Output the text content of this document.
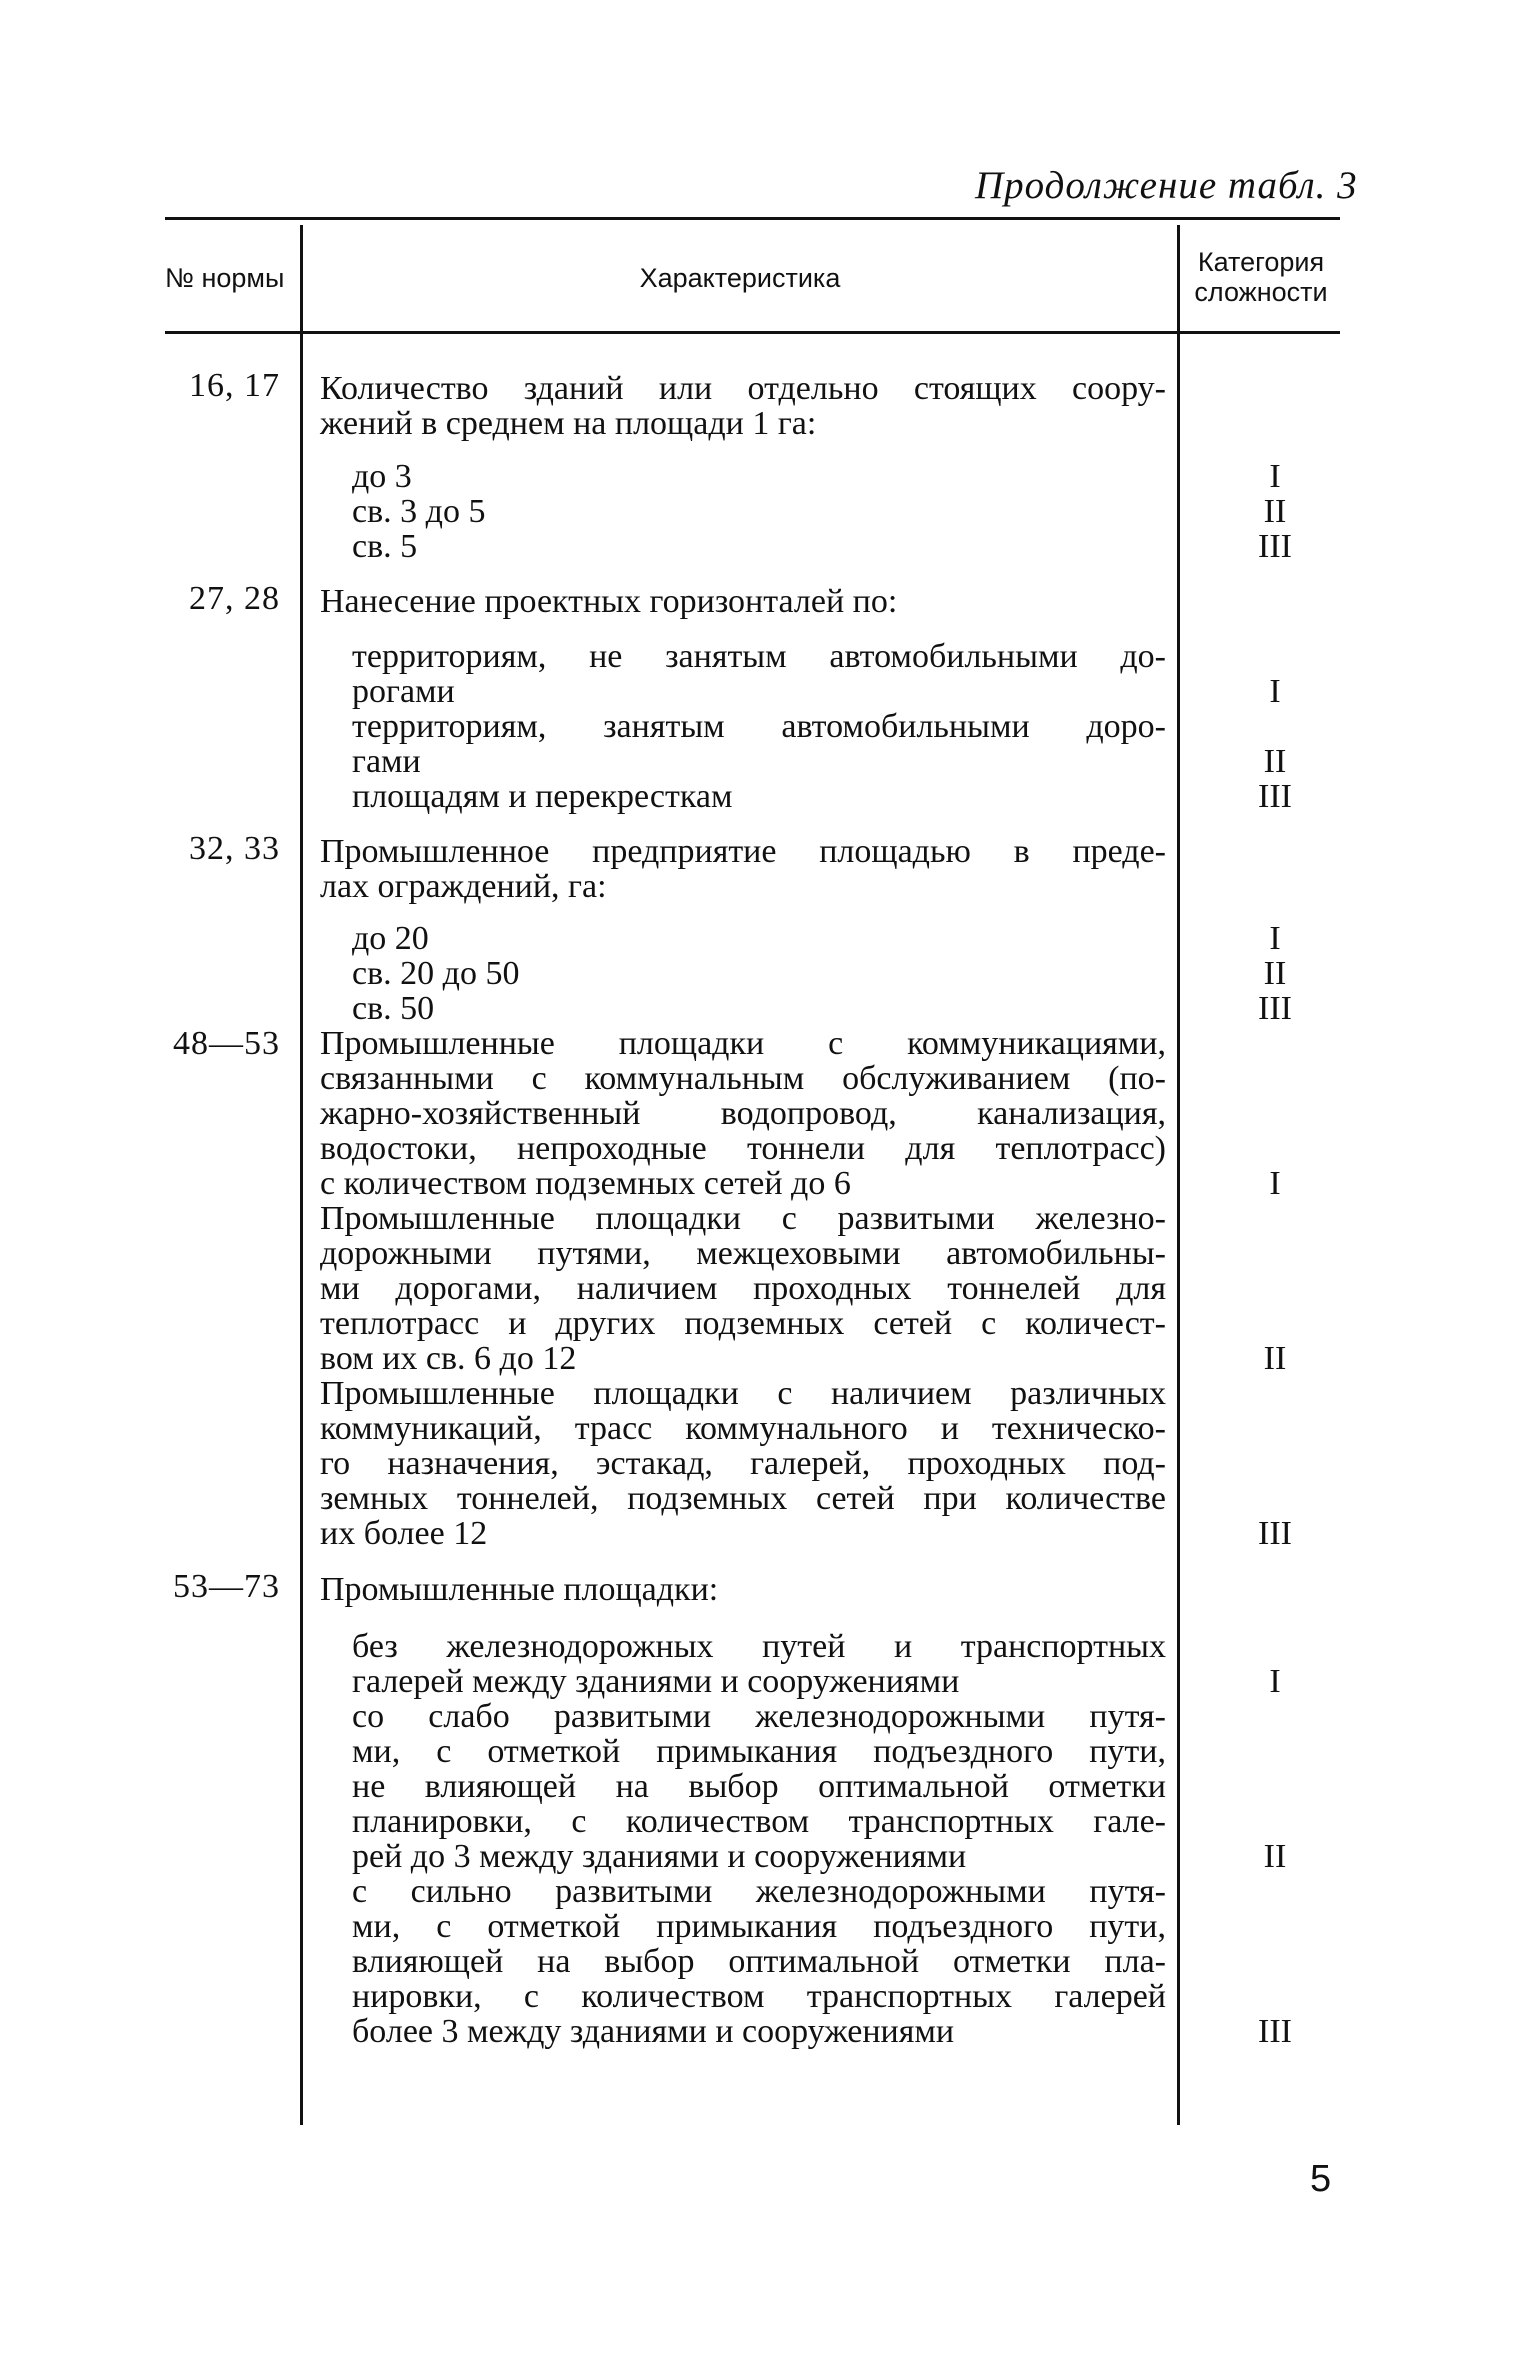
Продолжение табл. 3
№ нормы	Характеристика
Категория
сложности
16, 17 Количество зданий или отдельно стоящих соору-
жений в среднем на площади 1 га:
до 3	I
св. 3 до 5	II
св. 5	III
27, 28 Нанесение проектных горизонталей по:
территориям, не занятым автомобильными до-
рогами	I
территориям, занятым автомобильными доро-
гами	II
площадям и перекресткам	III
32, 33 Промышленное предприятие площадью в преде-
лах ограждений, га:
до 20	I
св. 20 до 50	II
св. 50	III
48—53 Промышленные площадки с коммуникациями,
связанными с коммунальным обслуживанием (по-
жарно-хозяйственный водопровод, канализация,
водостоки, непроходные тоннели для теплотрасс)
с количеством подземных сетей до 6	I
Промышленные площадки с развитыми железно-
дорожными путями, межцеховыми автомобильны-
ми дорогами, наличием проходных тоннелей для
теплотрасс и других подземных сетей с количест-
вом их св. 6 до 12	II
Промышленные площадки с наличием различных
коммуникаций, трасс коммунального и техническо-
го назначения, эстакад, галерей, проходных под-
земных тоннелей, подземных сетей при количестве
их более 12	III
53—73 Промышленные площадки:
без железнодорожных путей и транспортных
галерей между зданиями и сооружениями	I
со слабо развитыми железнодорожными путя-
ми, с отметкой примыкания подъездного пути,
не влияющей на выбор оптимальной отметки
планировки, с количеством транспортных гале-
рей до 3 между зданиями и сооружениями	II
с сильно развитыми железнодорожными путя-
ми, с отметкой примыкания подъездного пути,
влияющей на выбор оптимальной отметки пла-
нировки, с количеством транспортных галерей
более 3 между зданиями и сооружениями	III
5
